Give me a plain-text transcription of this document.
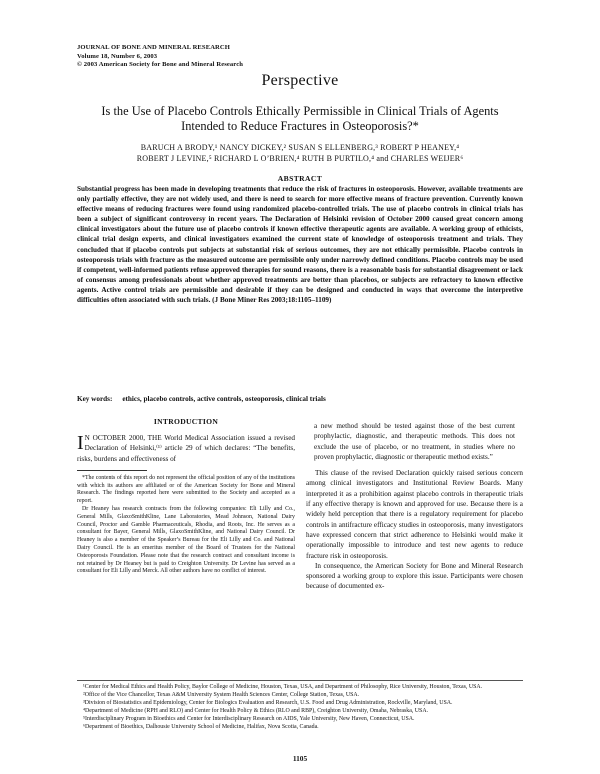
JOURNAL OF BONE AND MINERAL RESEARCH
Volume 18, Number 6, 2003
© 2003 American Society for Bone and Mineral Research
Perspective
Is the Use of Placebo Controls Ethically Permissible in Clinical Trials of Agents Intended to Reduce Fractures in Osteoporosis?*
BARUCH A BRODY,¹ NANCY DICKEY,² SUSAN S ELLENBERG,³ ROBERT P HEANEY,⁴
ROBERT J LEVINE,⁵ RICHARD L O’BRIEN,⁴ RUTH B PURTILO,⁴ and CHARLES WEIJER⁶
ABSTRACT
Substantial progress has been made in developing treatments that reduce the risk of fractures in osteoporosis. However, available treatments are only partially effective, they are not widely used, and there is need to search for more effective means of fracture prevention. Currently known effective means of reducing fractures were found using randomized placebo-controlled trials. The use of placebo controls in clinical trials has been a subject of significant controversy in recent years. The Declaration of Helsinki revision of October 2000 caused great concern among clinical investigators about the future use of placebo controls if known effective therapeutic agents are available. A working group of ethicists, clinical trial design experts, and clinical investigators examined the current state of knowledge of osteoporosis treatment and trials. They concluded that if placebo controls put subjects at substantial risk of serious outcomes, they are not ethically permissible. Placebo controls in osteoporosis trials with fracture as the measured outcome are permissible only under narrowly defined conditions. Placebo controls may be used if competent, well-informed patients refuse approved therapies for sound reasons, there is a reasonable basis for substantial disagreement or lack of consensus among professionals about whether approved treatments are better than placebos, or subjects are refractory to known effective agents. Active control trials are permissible and desirable if they can be designed and conducted in ways that overcome the interpretive difficulties often associated with such trials. (J Bone Miner Res 2003;18:1105–1109)
Key words: ethics, placebo controls, active controls, osteoporosis, clinical trials
INTRODUCTION

I N OCTOBER 2000, THE World Medical Association issued a revised Declaration of Helsinki,⁽¹⁾ article 29 of which declares: “The benefits, risks, burdens and effectiveness of

*The contents of this report do not represent the official position of any of the institutions with which its authors are affiliated or of the American Society for Bone and Mineral Research. The findings reported here were submitted to the Society and accepted as a report.

Dr Heaney has research contracts from the following companies: Eli Lilly and Co., General Mills, GlaxoSmithKline, Lane Laboratories, Mead Johnson, National Dairy Council, Proctor and Gamble Pharmaceuticals, Rhodia, and Roots, Inc. He serves as a consultant for Bayer, General Mills, GlaxoSmithKline, and National Dairy Council. Dr Heaney is also a member of the Speaker’s Bureau for the Eli Lilly and Co. and National Dairy Council. He is an emeritus member of the Board of Trustees for the National Osteoporosis Foundation. Please note that the research contract and consultant income is not retained by Dr Heaney but is paid to Creighton University. Dr Levine has served as a consultant for Eli Lilly and Merck. All other authors have no conflict of interest.

a new method should be tested against those of the best current prophylactic, diagnostic, and therapeutic methods. This does not exclude the use of placebo, or no treatment, in studies where no proven prophylactic, diagnostic or therapeutic method exists.”

This clause of the revised Declaration quickly raised serious concern among clinical investigators and Institutional Review Boards. Many interpreted it as a prohibition against placebo controls in therapeutic trials if any effective therapy is known and approved for use. Because there is a widely held perception that there is a regulatory requirement for placebo controls in antifracture efficacy studies in osteoporosis, many investigators have expressed concern that strict adherence to Helsinki would make it operationally impossible to introduce and test new agents to reduce fracture risk in osteoporosis.

In consequence, the American Society for Bone and Mineral Research sponsored a working group to explore this issue. Participants were chosen because of documented ex-

¹Center for Medical Ethics and Health Policy, Baylor College of Medicine, Houston, Texas, USA, and Department of Philosophy, Rice University, Houston, Texas, USA.

²Office of the Vice Chancellor, Texas A&M University System Health Sciences Center, College Station, Texas, USA.

³Division of Biostatistics and Epidemiology, Center for Biologics Evaluation and Research, U.S. Food and Drug Administration, Rockville, Maryland, USA.

⁴Department of Medicine (RPH and RLO) and Center for Health Policy & Ethics (RLO and RBP), Creighton University, Omaha, Nebraska, USA.

⁵Interdisciplinary Program in Bioethics and Center for Interdisciplinary Research on AIDS, Yale University, New Haven, Connecticut, USA.

⁶Department of Bioethics, Dalhousie University School of Medicine, Halifax, Nova Scotia, Canada.

1105
